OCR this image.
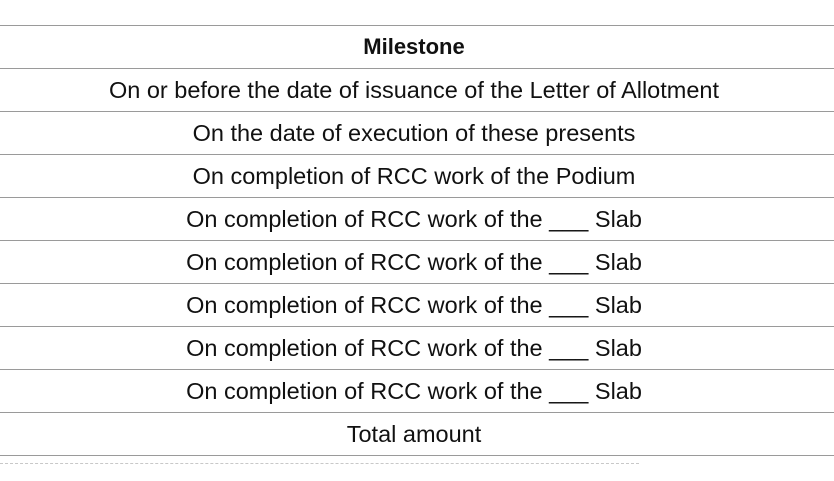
Milestone
On or before the date of issuance of the Letter of Allotment
On the date of execution of these presents
On completion of RCC work of the Podium
On completion of RCC work of the ___ Slab
On completion of RCC work of the ___ Slab
On completion of RCC work of the ___ Slab
On completion of RCC work of the ___ Slab
On completion of RCC work of the ___ Slab
Total amount
